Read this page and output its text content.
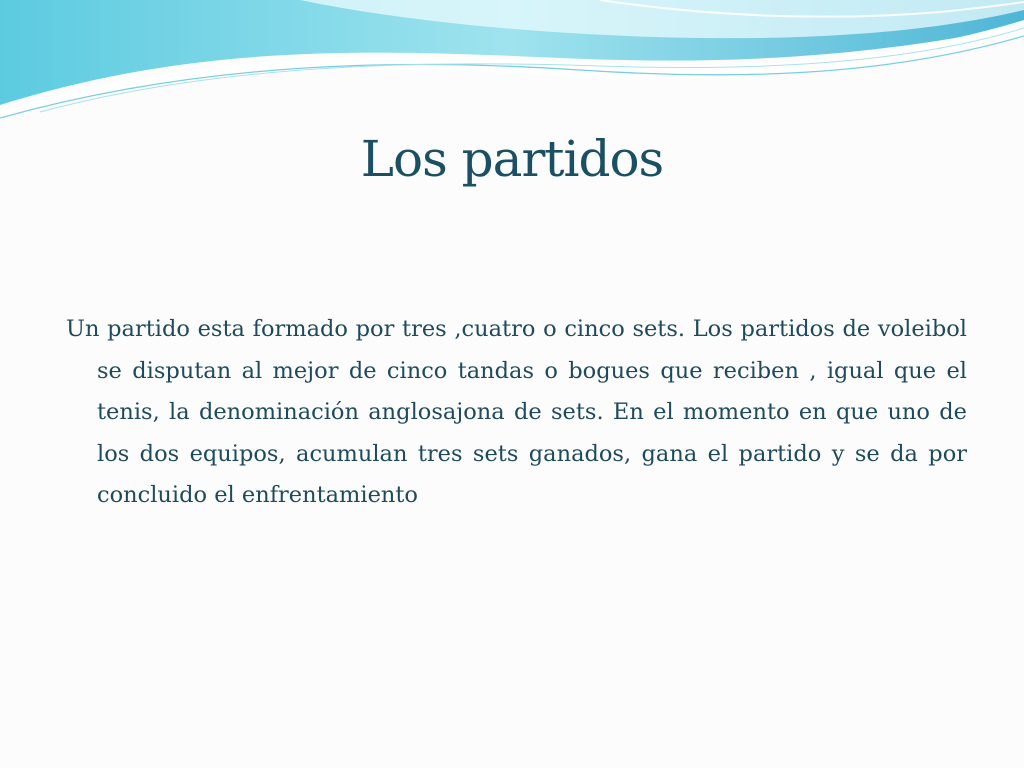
Los partidos

Un partido esta formado por tres ,cuatro o cinco sets. Los partidos de voleibol se disputan al mejor de cinco tandas o bogues que reciben , igual que el tenis, la denominación anglosajona de sets. En el momento en que uno de los dos equipos, acumulan tres sets ganados, gana el partido y se da por concluido el enfrentamiento
